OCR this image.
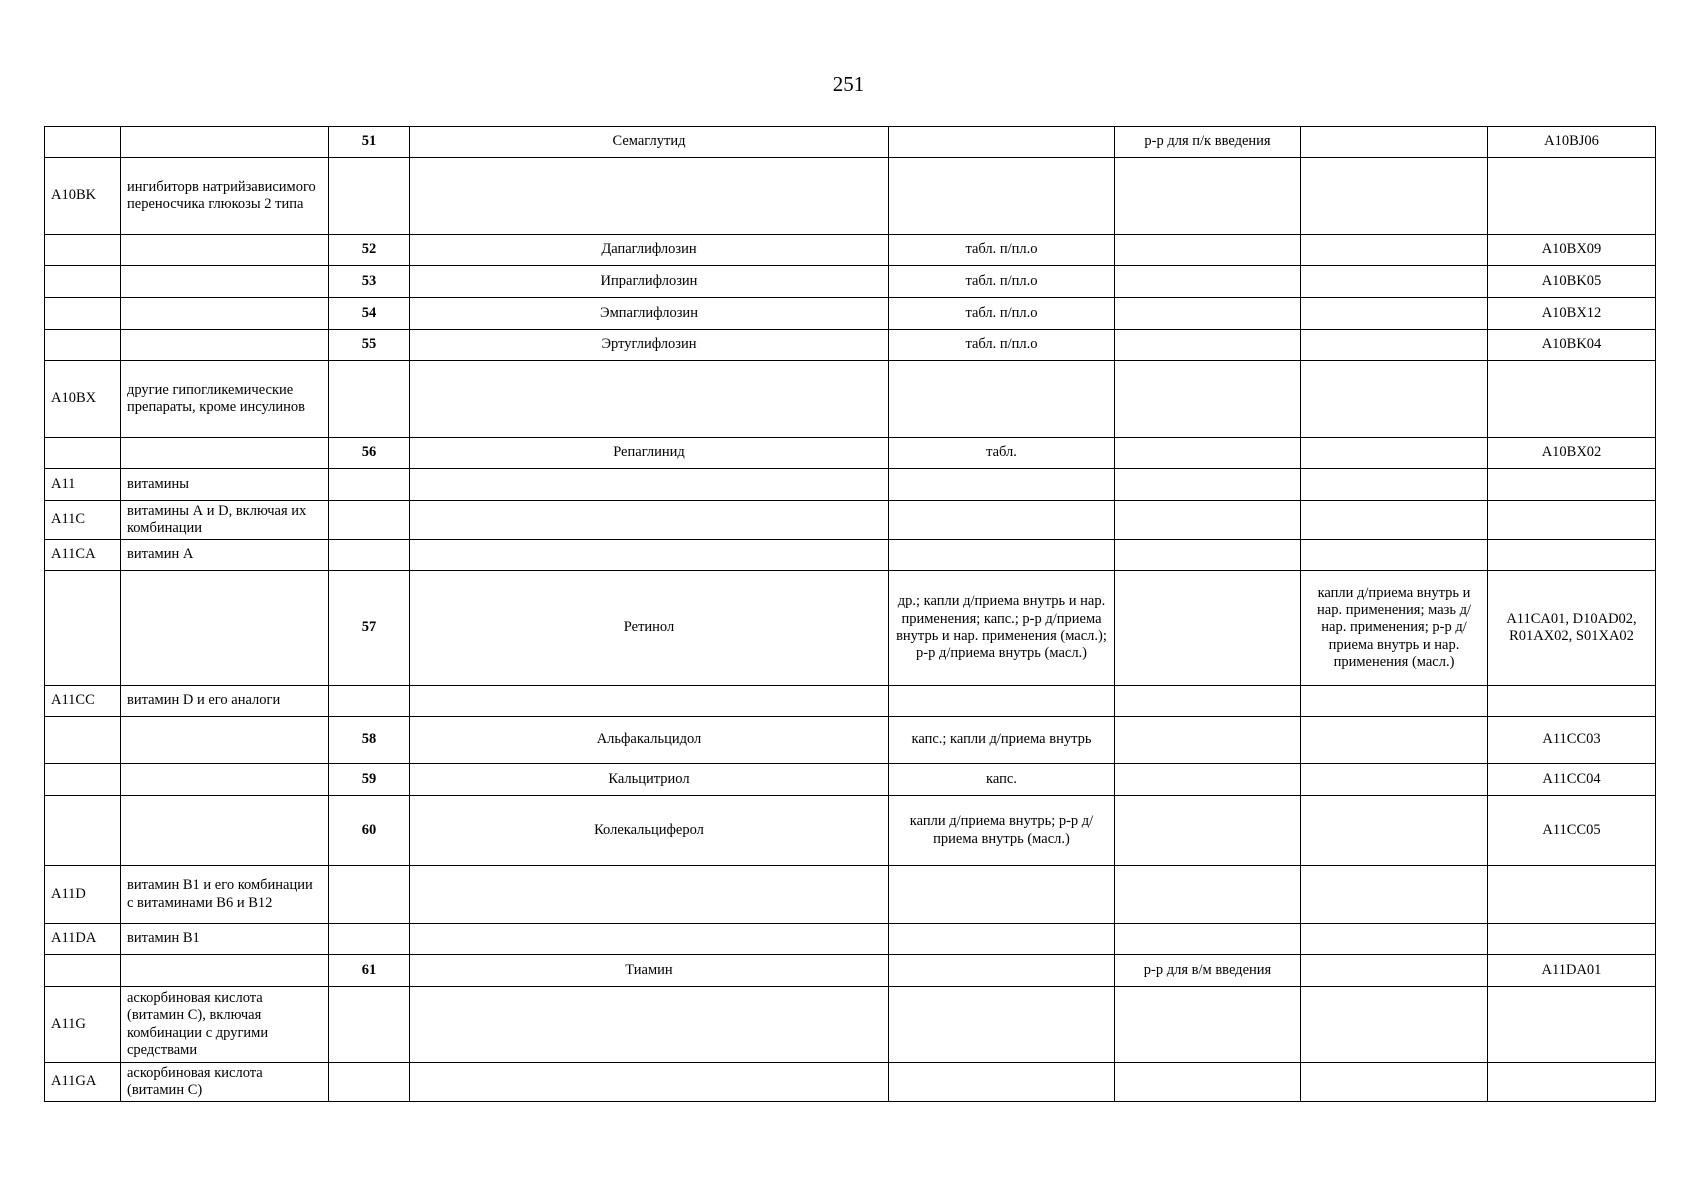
251
		51	Семаглутид		р-р для п/к введения		A10BJ06
A10BK	ингибиторв натрийзависимого переносчика глюкозы 2 типа						
		52	Дапаглифлозин	табл. п/пл.о			A10BX09
		53	Ипраглифлозин	табл. п/пл.о			A10BK05
		54	Эмпаглифлозин	табл. п/пл.о			A10BX12
		55	Эртуглифлозин	табл. п/пл.о			A10BK04
A10BX	другие гипогликемические препараты, кроме инсулинов						
		56	Репаглинид	табл.			A10BX02
A11	витамины						
A11C	витамины А и D, включая их комбинации						
A11CA	витамин А						
		57	Ретинол	др.; капли д/приема внутрь и нар. применения; капс.; р-р д/приема внутрь и нар. применения (масл.); р-р д/приема внутрь (масл.)		капли д/приема внутрь и нар. применения; мазь д/нар. применения; р-р д/приема внутрь и нар. применения (масл.)	A11CA01, D10AD02, R01AX02, S01XA02
A11CC	витамин D и его аналоги						
		58	Альфакальцидол	капс.; капли д/приема внутрь			A11CC03
		59	Кальцитриол	капс.			A11CC04
		60	Колекальциферол	капли д/приема внутрь; р-р д/приема внутрь (масл.)			A11CC05
A11D	витамин В1 и его комбинации с витаминами В6 и В12						
A11DA	витамин В1						
		61	Тиамин		р-р для в/м введения		A11DA01
A11G	аскорбиновая кислота (витамин С), включая комбинации с другими средствами						
A11GA	аскорбиновая кислота (витамин С)						
